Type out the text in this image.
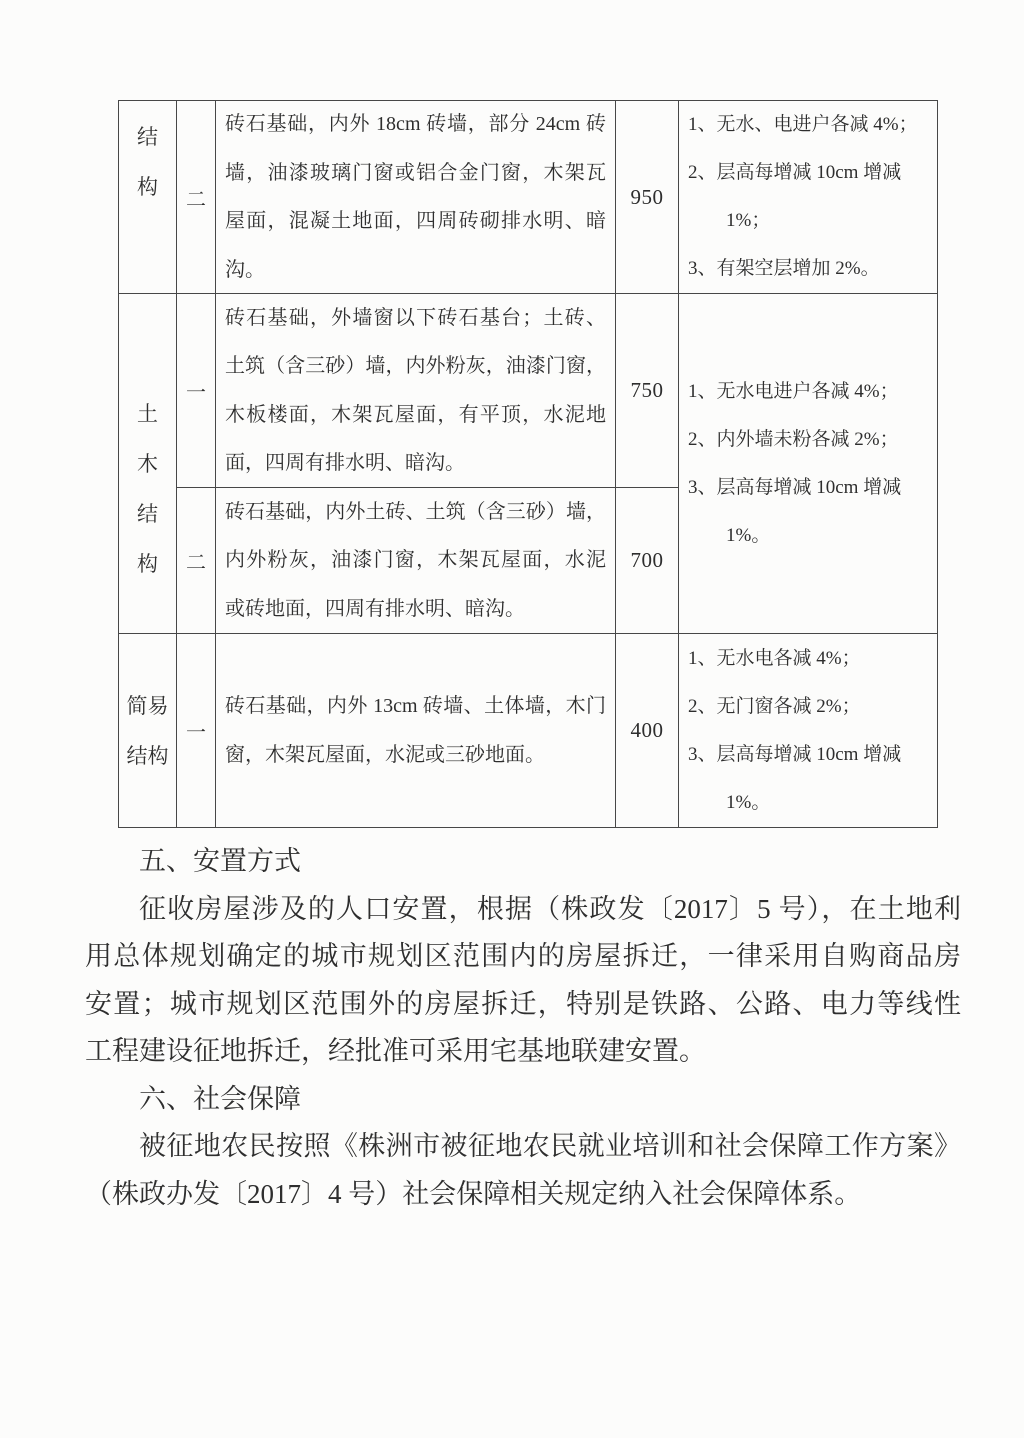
结
构
二
砖石基础，内外 18cm 砖墙，部分 24cm 砖
墙，油漆玻璃门窗或铝合金门窗，木架瓦
屋面，混凝土地面，四周砖砌排水明、暗
沟。
950
1、无水、电进户各减 4%；
2、层高每增减 10cm 增减
　　1%；
3、有架空层增加 2%。
土
木
结
构
一
砖石基础，外墙窗以下砖石基台；土砖、
土筑（含三砂）墙，内外粉灰，油漆门窗，
木板楼面，木架瓦屋面，有平顶，水泥地
面，四周有排水明、暗沟。
750	1、无水电进户各减 4%；
2、内外墙未粉各减 2%；
3、层高每增减 10cm 增减
　　1%。
二
砖石基础，内外土砖、土筑（含三砂）墙，
内外粉灰，油漆门窗，木架瓦屋面，水泥
或砖地面，四周有排水明、暗沟。
700
简易
结构
一
砖石基础，内外 13cm 砖墙、土体墙，木门
窗，木架瓦屋面，水泥或三砂地面。
400
1、无水电各减 4%；
2、无门窗各减 2%；
3、层高每增减 10cm 增减
　　1%。
五、安置方式
征收房屋涉及的人口安置，根据（株政发〔2017〕5 号），在土地利
用总体规划确定的城市规划区范围内的房屋拆迁，一律采用自购商品房
安置；城市规划区范围外的房屋拆迁，特别是铁路、公路、电力等线性
工程建设征地拆迁，经批准可采用宅基地联建安置。
六、社会保障
被征地农民按照《株洲市被征地农民就业培训和社会保障工作方案》
（株政办发〔2017〕4 号）社会保障相关规定纳入社会保障体系。
